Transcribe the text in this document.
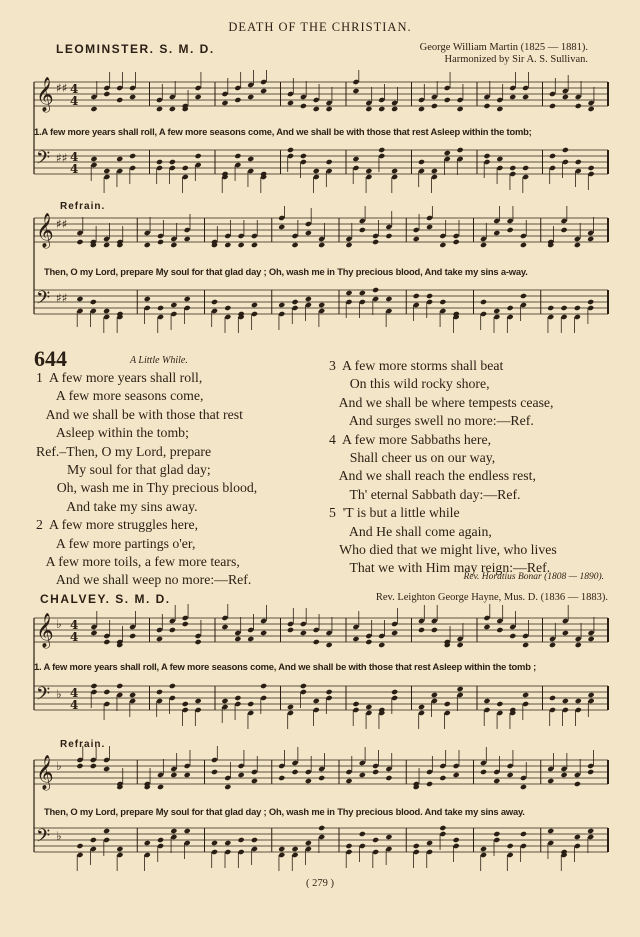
DEATH OF THE CHRISTIAN.
LEOMINSTER. S. M. D.	George William Martin (1825 — 1881).
Harmonized by Sir A. S. Sullivan.
𝄞
𝄢
♯♯
♯♯
4
4
4
4
1.A few more years shall roll, A few more seasons come, And we shall be with those that rest Asleep within the tomb;
Refrain.
𝄞
𝄢
♯♯
♯♯
Then, O my Lord, prepare My soul for that glad day ; Oh, wash me in Thy precious blood, And take my sins a-way.
644	A Little While.
1  A few more years shall roll,
A few more seasons come,
And we shall be with those that rest
Asleep within the tomb;
Ref.–Then, O my Lord, prepare
My soul for that glad day;
Oh, wash me in Thy precious blood,
And take my sins away.
2  A few more struggles here,
A few more partings o'er,
A few more toils, a few more tears,
And we shall weep no more:—Ref.
3  A few more storms shall beat
On this wild rocky shore,
And we shall be where tempests cease,
And surges swell no more:—Ref.
4  A few more Sabbaths here,
Shall cheer us on our way,
And we shall reach the endless rest,
Th' eternal Sabbath day:—Ref.
5  'T is but a little while
And He shall come again,
Who died that we might live, who lives
That we with Him may reign:—Ref.
Rev. Horatius Bonar (1808 — 1890).
CHALVEY. S. M. D.	Rev. Leighton George Hayne, Mus. D. (1836 — 1883).
𝄞
𝄢
♭
♭
4
4
4
4
1. A few more years shall roll, A few more seasons come, And we shall be with those that rest Asleep within the tomb ;
Refrain.
𝄞
𝄢
♭
♭
Then, O my Lord, prepare My soul for that glad day ; Oh, wash me in Thy precious blood. And take my sins away.
( 279 )
